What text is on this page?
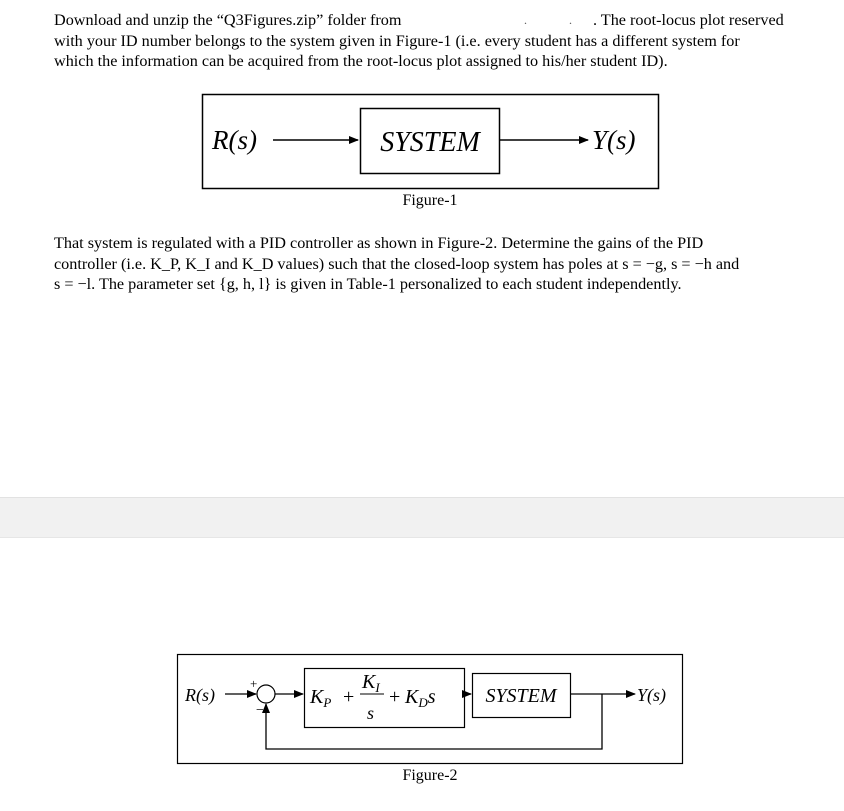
Download and unzip the “Q3Figures.zip” folder from	.              . . The root-locus plot reserved
with your ID number belongs to the system given in Figure-1 (i.e. every student has a different system for
which the information can be acquired from the root-locus plot assigned to his/her student ID).
R(s)	SYSTEM	Y(s)
R(s)
+
−
$K_P$ +
$K_I$
s
+ $K_Ds$ SYSTEM	Y(s)
Figure-1
That system is regulated with a PID controller as shown in Figure-2. Determine the gains of the PID
controller (i.e. K_P, K_I and K_D values) such that the closed-loop system has poles at s = −g, s = −h and
s = −l. The parameter set {g, h, l} is given in Table-1 personalized to each student independently.
Figure-2
